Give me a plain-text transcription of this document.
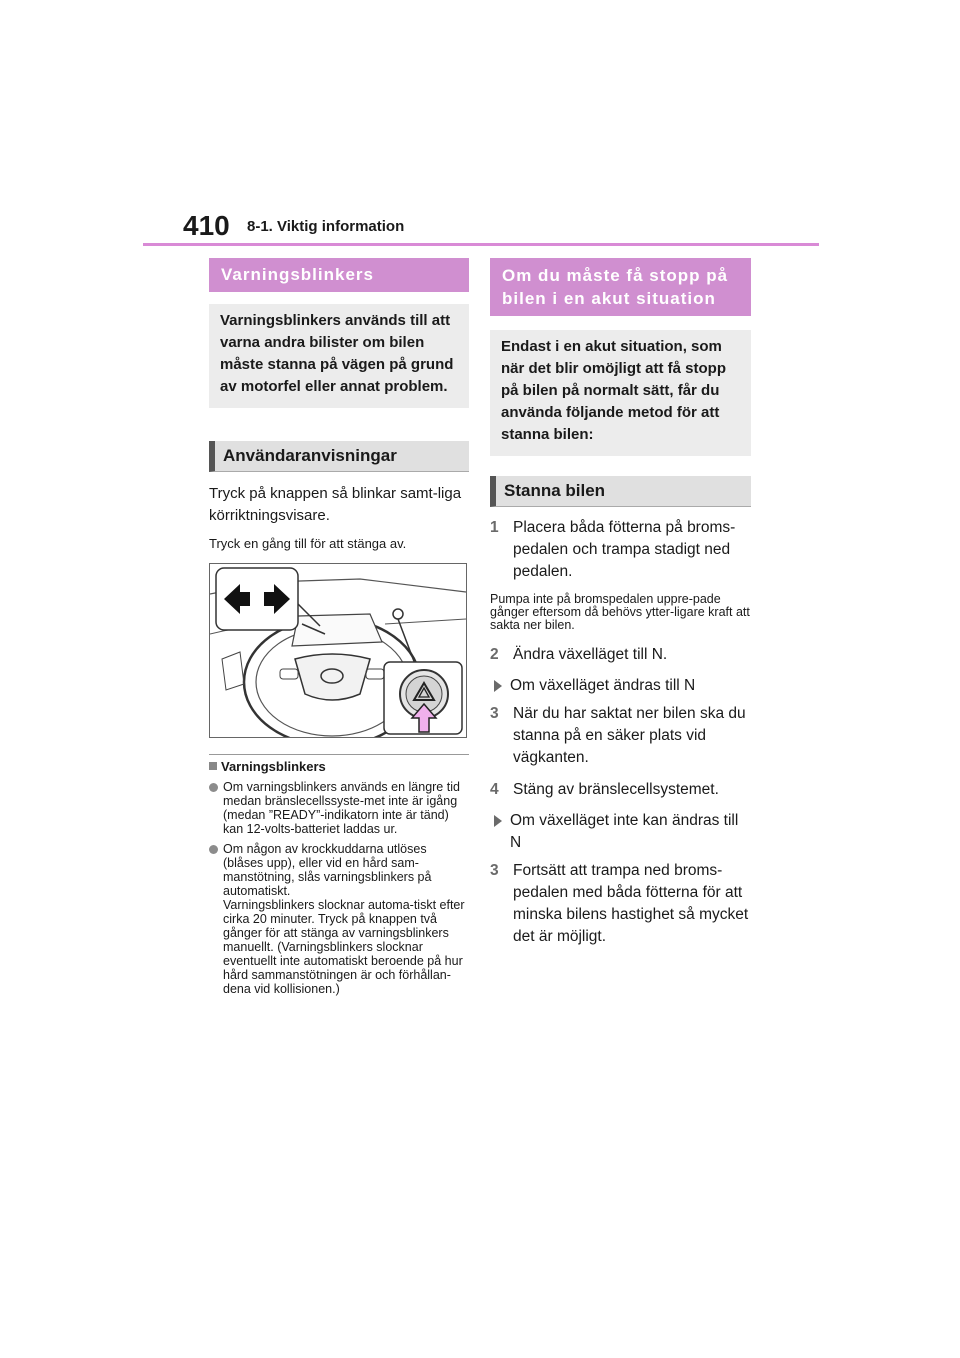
410 8-1. Viktig information
Varningsblinkers
Varningsblinkers används till att varna andra bilister om bilen måste stanna på vägen på grund av motorfel eller annat problem.
Användaranvisningar
Tryck på knappen så blinkar samt-liga körriktningsvisare.
Tryck en gång till för att stänga av.
Varningsblinkers
Om varningsblinkers används en längre tid medan bränslecellssyste-met inte är igång (medan ”READY”-indikatorn inte är tänd) kan 12-volts-batteriet laddas ur.
Om någon av krockkuddarna utlöses (blåses upp), eller vid en hård sam-manstötning, slås varningsblinkers på automatiskt.
Varningsblinkers slocknar automa-tiskt efter cirka 20 minuter. Tryck på knappen två gånger för att stänga av varningsblinkers manuellt. (Varningsblinkers slocknar eventuellt inte automatiskt beroende på hur hård sammanstötningen är och förhållan-dena vid kollisionen.)
Om du måste få stopp på bilen i en akut situation
Endast i en akut situation, som när det blir omöjligt att få stopp på bilen på normalt sätt, får du använda följande metod för att stanna bilen:
Stanna bilen
1 Placera båda fötterna på broms-pedalen och trampa stadigt ned pedalen.
Pumpa inte på bromspedalen uppre-pade gånger eftersom då behövs ytter-ligare kraft att sakta ner bilen.
2 Ändra växelläget till N.
Om växelläget ändras till N
3 När du har saktat ner bilen ska du stanna på en säker plats vid vägkanten.
4 Stäng av bränslecellsystemet.
Om växelläget inte kan ändras till N
3 Fortsätt att trampa ned broms-pedalen med båda fötterna för att minska bilens hastighet så mycket det är möjligt.
